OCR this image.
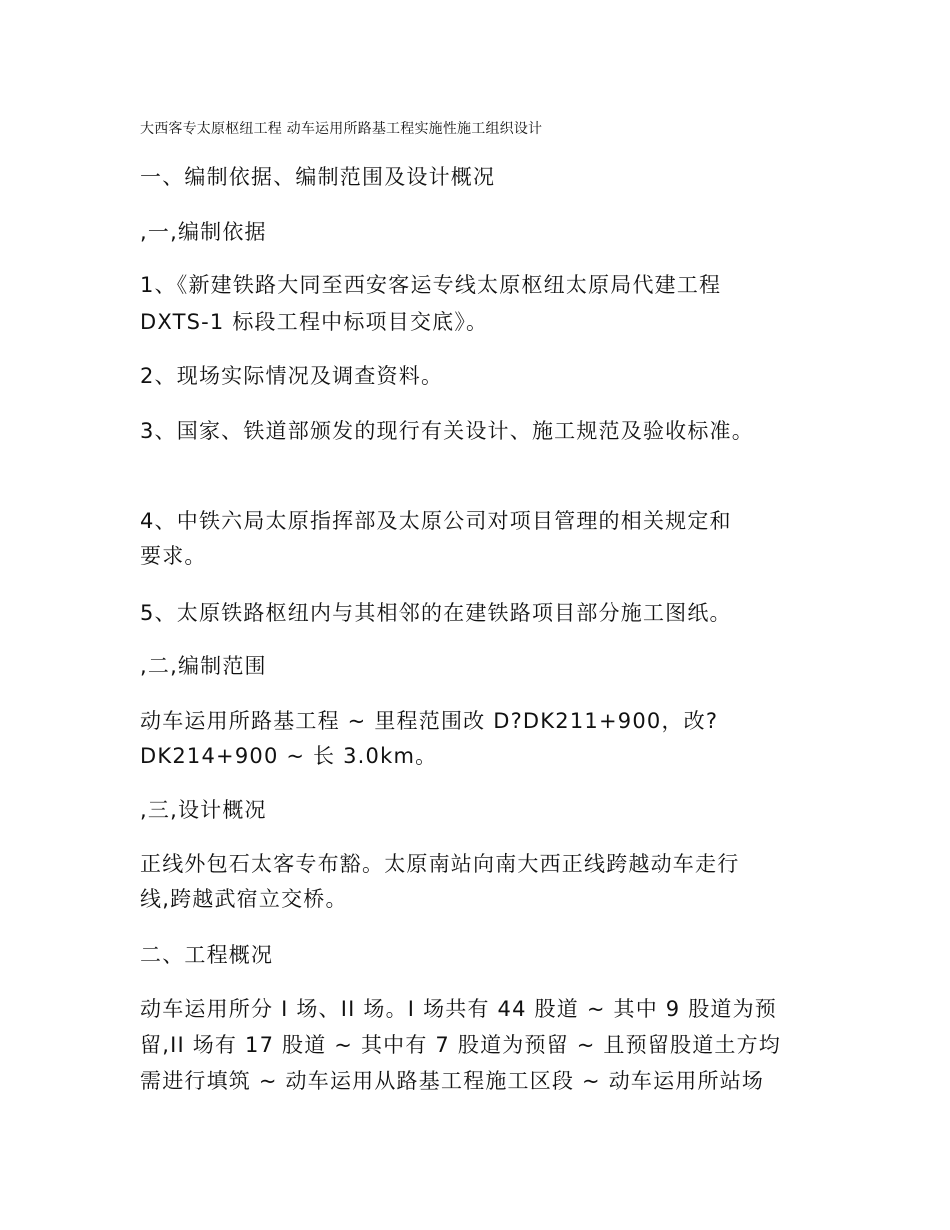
大西客专太原枢纽工程 动车运用所路基工程实施性施工组织设计
一、编制依据、编制范围及设计概况
,一,编制依据
1、《新建铁路大同至西安客运专线太原枢纽太原局代建工程
DXTS-1 标段工程中标项目交底》。
2、现场实际情况及调查资料。
3、国家、铁道部颁发的现行有关设计、施工规范及验收标准。
4、中铁六局太原指挥部及太原公司对项目管理的相关规定和
要求。
5、太原铁路枢纽内与其相邻的在建铁路项目部分施工图纸。
,二,编制范围
动车运用所路基工程 ~ 里程范围改 D?DK211+900，改?
DK214+900 ~ 长 3.0km。
,三,设计概况
正线外包石太客专布豁。太原南站向南大西正线跨越动车走行
线,跨越武宿立交桥。
二、工程概况
动车运用所分 I 场、II 场。I 场共有 44 股道 ~ 其中 9 股道为预
留,II 场有 17 股道 ~ 其中有 7 股道为预留 ~ 且预留股道土方均
需进行填筑 ~ 动车运用从路基工程施工区段 ~ 动车运用所站场
